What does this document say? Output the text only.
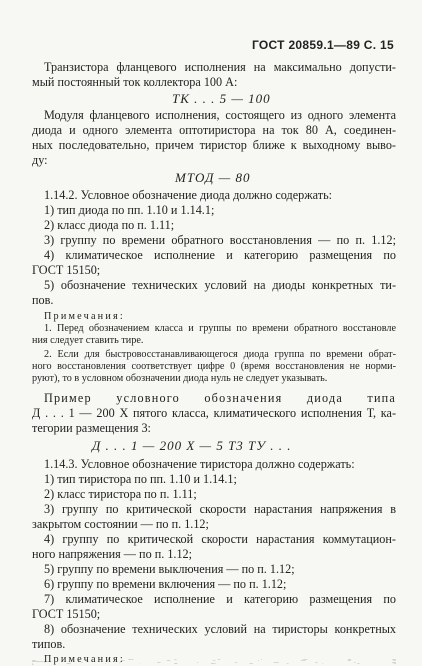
ГОСТ 20859.1—89 С. 15
Транзистора фланцевого исполнения на максимально допусти-
мый постоянный ток коллектора 100 А:
ТК . . . 5 — 100
Модуля фланцевого исполнения, состоящего из одного элемента
диода и одного элемента оптотиристора на ток 80 А, соединен-
ных последовательно, причем тиристор ближе к выходному выво-
ду:
МТОД — 80
1.14.2. Условное обозначение диода должно содержать:
1) тип диода по пп. 1.10 и 1.14.1;
2) класс диода по п. 1.11;
3) группу по времени обратного восстановления — по п. 1.12;
4) климатическое исполнение и категорию размещения по
ГОСТ 15150;
5) обозначение технических условий на диоды конкретных ти-
пов.
Примечания:
1. Перед обозначением класса и группы по времени обратного восстановле
ния следует ставить тире.
2. Если для быстровосстанавливающегося диода группа по времени обрат-
ного восстановления соответствует цифре 0 (время восстановления не норми-
руют), то в условном обозначении диода нуль не следует указывать.
Пример условного обозначения диода типа
Д . . . 1 — 200 Х пятого класса, климатического исполнения Т, ка-
тегории размещения 3:
Д . . . 1 — 200 Х — 5 Т3 ТУ . . .
1.14.3. Условное обозначение тиристора должно содержать:
1) тип тиристора по пп. 1.10 и 1.14.1;
2) класс тиристора по п. 1.11;
3) группу по критической скорости нарастания напряжения в
закрытом состоянии — по п. 1.12;
4) группу по критической скорости нарастания коммутацион-
ного напряжения — по п. 1.12;
5) группу по времени выключения — по п. 1.12;
6) группу по времени включения — по п. 1.12;
7) климатическое исполнение и категорию размещения по
ГОСТ 15150;
8) обозначение технических условий на тиристоры конкретных
типов.
Примечания:
